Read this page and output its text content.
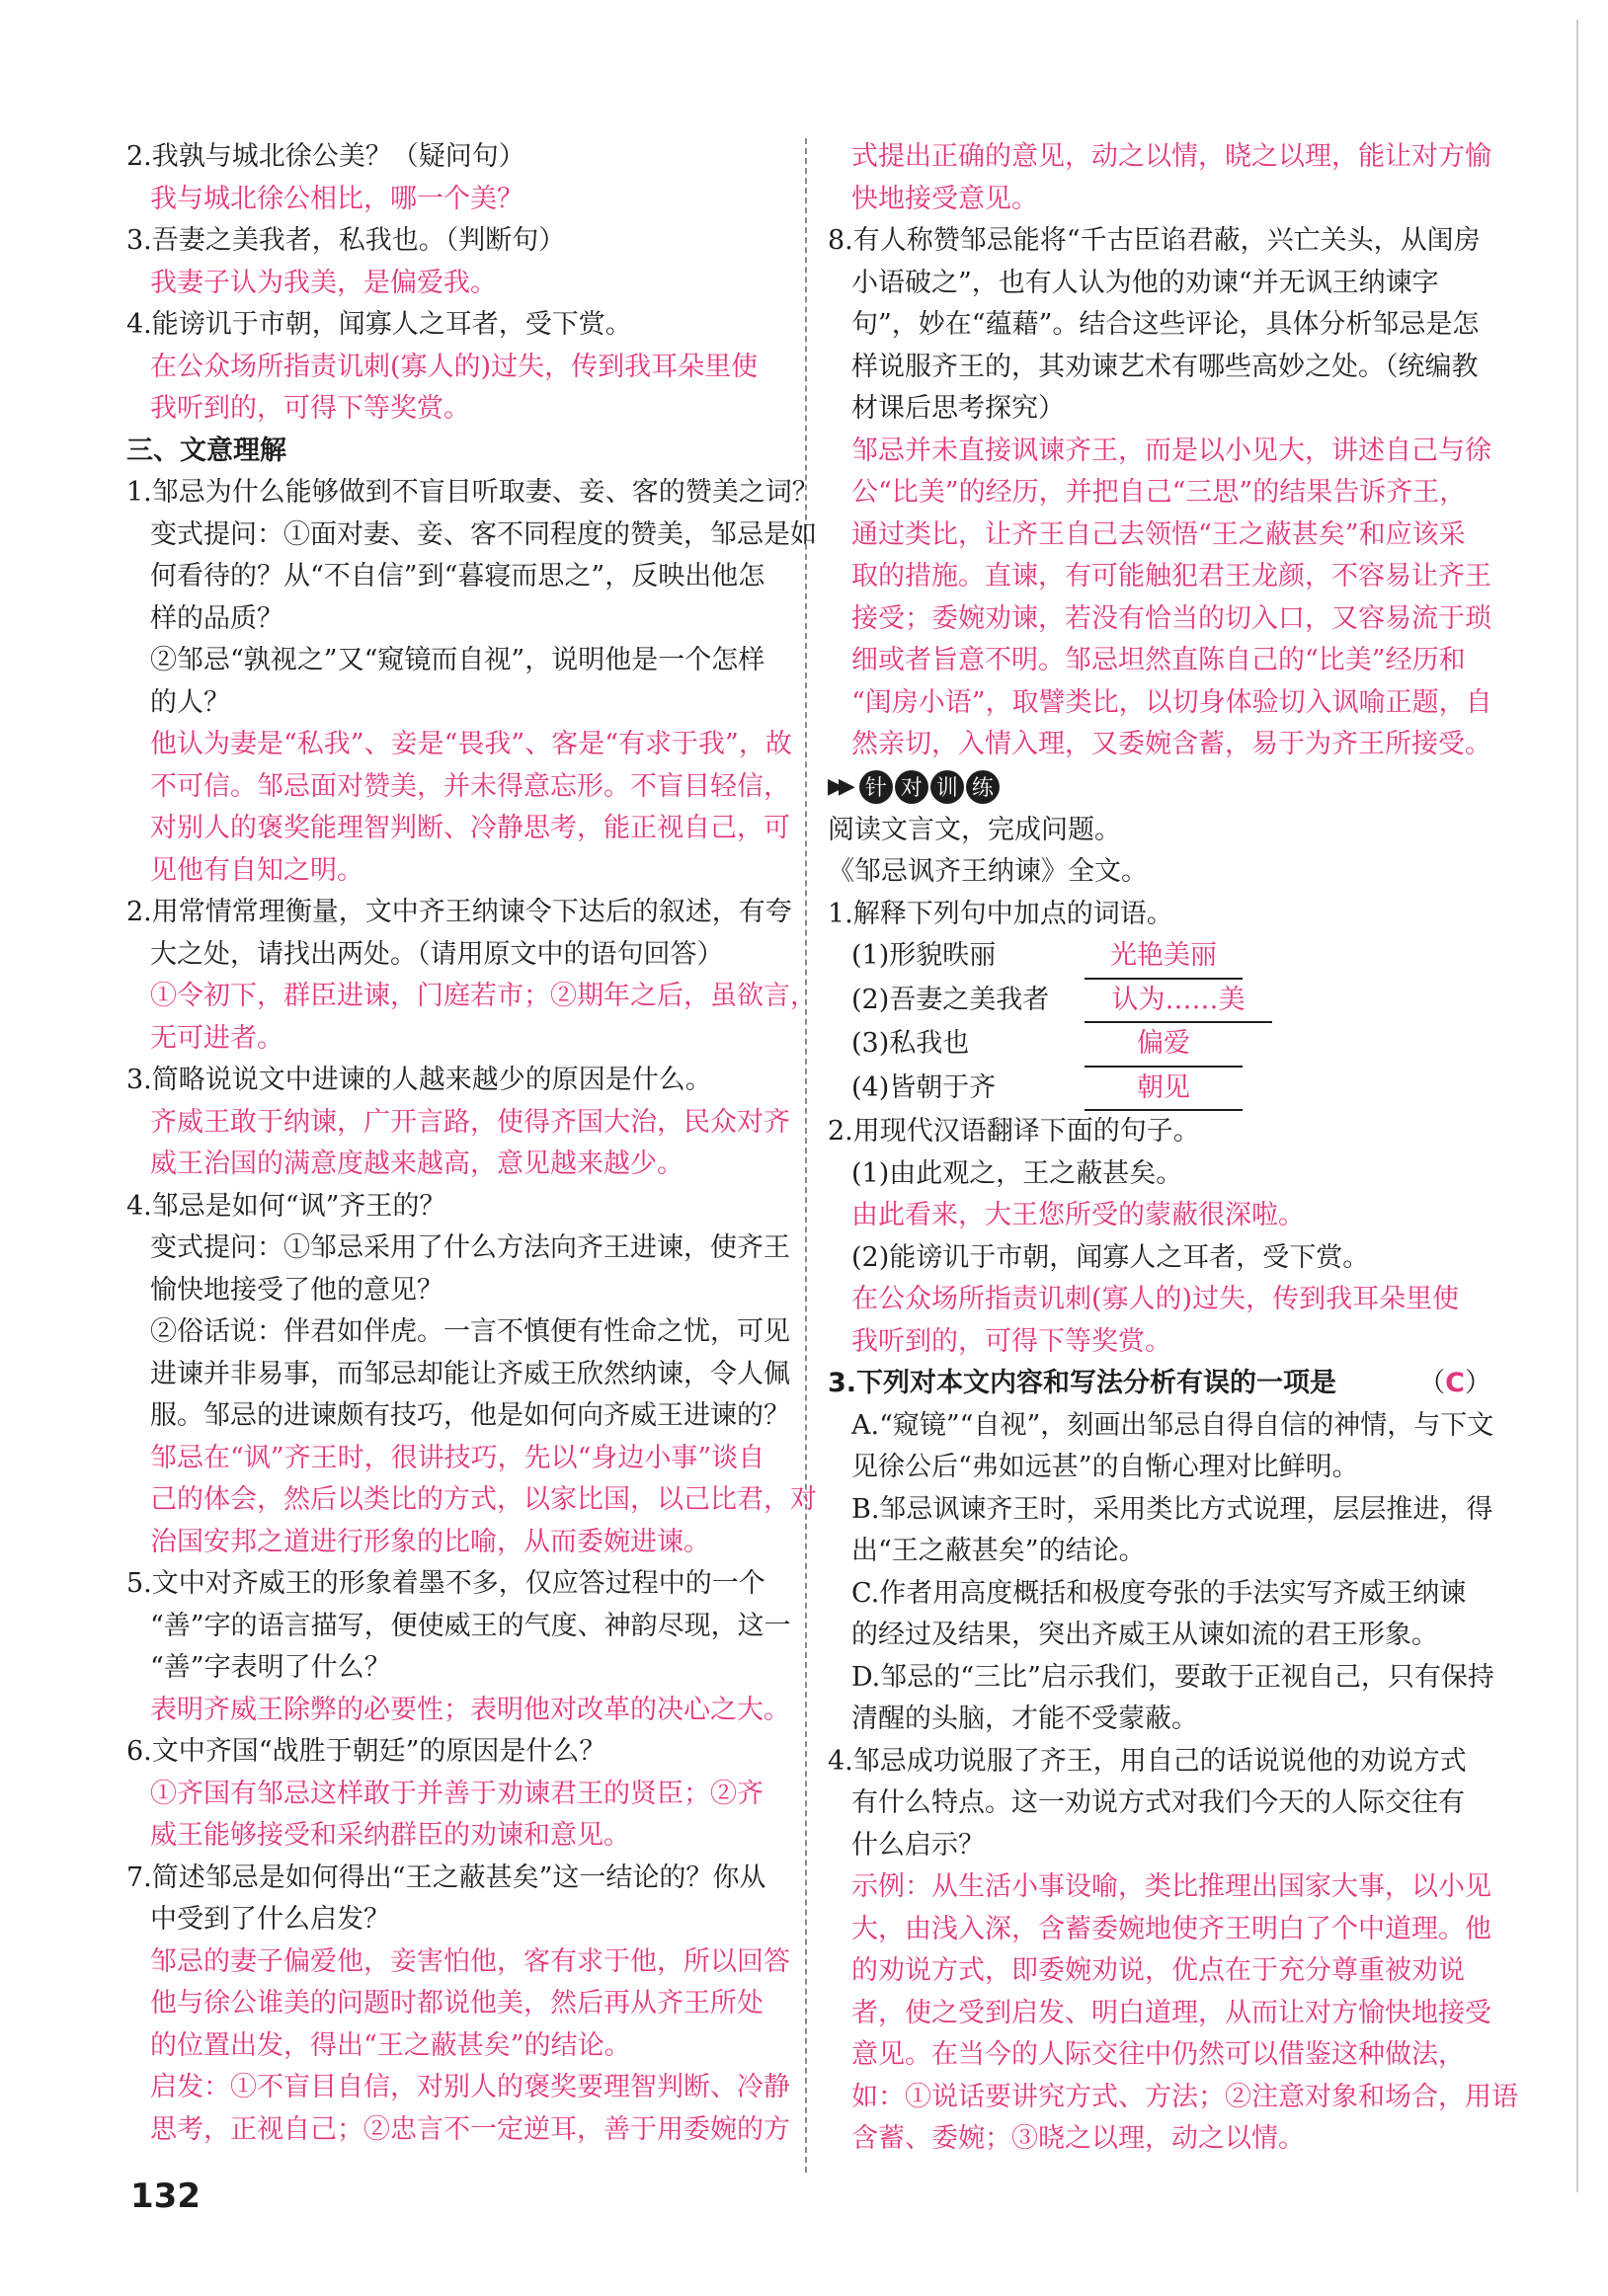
2.我孰与城北徐公美？（疑问句）
我与城北徐公相比，哪一个美？
3.吾妻之美我者，私我也。（判断句）
我妻子认为我美，是偏爱我。
4.能谤讥于市朝，闻寡人之耳者，受下赏。
在公众场所指责讥刺(寡人的)过失，传到我耳朵里使
我听到的，可得下等奖赏。
三、文意理解
1.邹忌为什么能够做到不盲目听取妻、妾、客的赞美之词？
变式提问：①面对妻、妾、客不同程度的赞美，邹忌是如
何看待的？从“不自信”到“暮寝而思之”，反映出他怎
样的品质？
②邹忌“孰视之”又“窥镜而自视”，说明他是一个怎样
的人？
他认为妻是“私我”、妾是“畏我”、客是“有求于我”，故
不可信。邹忌面对赞美，并未得意忘形。不盲目轻信，
对别人的褒奖能理智判断、冷静思考，能正视自己，可
见他有自知之明。
2.用常情常理衡量，文中齐王纳谏令下达后的叙述，有夸
大之处，请找出两处。（请用原文中的语句回答）
①令初下，群臣进谏，门庭若市；②期年之后，虽欲言，
无可进者。
3.简略说说文中进谏的人越来越少的原因是什么。
齐威王敢于纳谏，广开言路，使得齐国大治，民众对齐
威王治国的满意度越来越高，意见越来越少。
4.邹忌是如何“讽”齐王的？
变式提问：①邹忌采用了什么方法向齐王进谏，使齐王
愉快地接受了他的意见？
②俗话说：伴君如伴虎。一言不慎便有性命之忧，可见
进谏并非易事，而邹忌却能让齐威王欣然纳谏，令人佩
服。邹忌的进谏颇有技巧，他是如何向齐威王进谏的？
邹忌在“讽”齐王时，很讲技巧，先以“身边小事”谈自
己的体会，然后以类比的方式，以家比国，以己比君，对
治国安邦之道进行形象的比喻，从而委婉进谏。
5.文中对齐威王的形象着墨不多，仅应答过程中的一个
“善”字的语言描写，便使威王的气度、神韵尽现，这一
“善”字表明了什么？
表明齐威王除弊的必要性；表明他对改革的决心之大。
6.文中齐国“战胜于朝廷”的原因是什么？
①齐国有邹忌这样敢于并善于劝谏君王的贤臣；②齐
威王能够接受和采纳群臣的劝谏和意见。
7.简述邹忌是如何得出“王之蔽甚矣”这一结论的？你从
中受到了什么启发？
邹忌的妻子偏爱他，妾害怕他，客有求于他，所以回答
他与徐公谁美的问题时都说他美，然后再从齐王所处
的位置出发，得出“王之蔽甚矣”的结论。
启发：①不盲目自信，对别人的褒奖要理智判断、冷静
思考，正视自己；②忠言不一定逆耳，善于用委婉的方
式提出正确的意见，动之以情，晓之以理，能让对方愉
快地接受意见。
8.有人称赞邹忌能将“千古臣谄君蔽，兴亡关头，从闺房
小语破之”，也有人认为他的劝谏“并无讽王纳谏字
句”，妙在“蕴藉”。结合这些评论，具体分析邹忌是怎
样说服齐王的，其劝谏艺术有哪些高妙之处。（统编教
材课后思考探究）
邹忌并未直接讽谏齐王，而是以小见大，讲述自己与徐
公“比美”的经历，并把自己“三思”的结果告诉齐王，
通过类比，让齐王自己去领悟“王之蔽甚矣”和应该采
取的措施。直谏，有可能触犯君王龙颜，不容易让齐王
接受；委婉劝谏，若没有恰当的切入口，又容易流于琐
细或者旨意不明。邹忌坦然直陈自己的“比美”经历和
“闺房小语”，取譬类比，以切身体验切入讽喻正题，自
然亲切，入情入理，又委婉含蓄，易于为齐王所接受。
▶▶ 针 对 训 练
阅读文言文，完成问题。
《邹忌讽齐王纳谏》全文。
1.解释下列句中加点的词语。
(1)形貌昳丽	光艳美丽
(2)吾妻之美我者 认为……美
(3)私我也	偏爱
(4)皆朝于齐	朝见
2.用现代汉语翻译下面的句子。
(1)由此观之，王之蔽甚矣。
由此看来，大王您所受的蒙蔽很深啦。
(2)能谤讥于市朝，闻寡人之耳者，受下赏。
在公众场所指责讥刺(寡人的)过失，传到我耳朵里使
我听到的，可得下等奖赏。
3.下列对本文内容和写法分析有误的一项是	（C）
A.“窥镜”“自视”，刻画出邹忌自得自信的神情，与下文
见徐公后“弗如远甚”的自惭心理对比鲜明。
B.邹忌讽谏齐王时，采用类比方式说理，层层推进，得
出“王之蔽甚矣”的结论。
C.作者用高度概括和极度夸张的手法实写齐威王纳谏
的经过及结果，突出齐威王从谏如流的君王形象。
D.邹忌的“三比”启示我们，要敢于正视自己，只有保持
清醒的头脑，才能不受蒙蔽。
4.邹忌成功说服了齐王，用自己的话说说他的劝说方式
有什么特点。这一劝说方式对我们今天的人际交往有
什么启示？
示例：从生活小事设喻，类比推理出国家大事，以小见
大，由浅入深，含蓄委婉地使齐王明白了个中道理。他
的劝说方式，即委婉劝说，优点在于充分尊重被劝说
者，使之受到启发、明白道理，从而让对方愉快地接受
意见。在当今的人际交往中仍然可以借鉴这种做法，
如：①说话要讲究方式、方法；②注意对象和场合，用语
含蓄、委婉；③晓之以理，动之以情。
132
